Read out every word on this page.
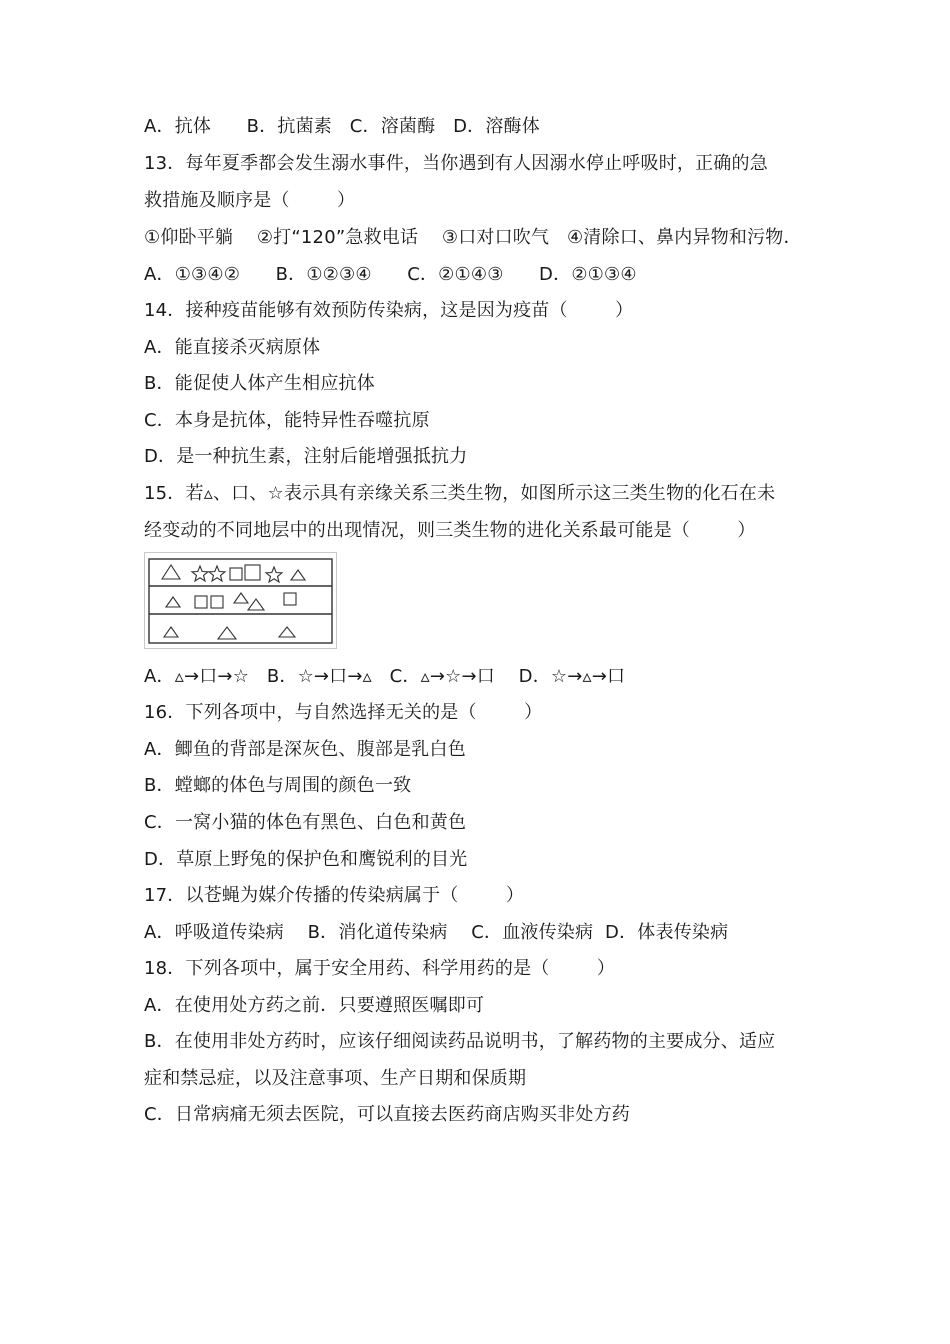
A．抗体      B．抗菌素   C．溶菌酶   D．溶酶体
13．每年夏季都会发生溺水事件，当你遇到有人因溺水停止呼吸时，正确的急
救措施及顺序是（        ）
①仰卧平躺    ②打“120”急救电话    ③口对口吹气   ④清除口、鼻内异物和污物．
A．①③④②      B．①②③④      C．②①④③      D．②①③④
14．接种疫苗能够有效预防传染病，这是因为疫苗（        ）
A．能直接杀灭病原体
B．能促使人体产生相应抗体
C．本身是抗体，能特异性吞噬抗原
D．是一种抗生素，注射后能增强抵抗力
15．若▵、口、☆表示具有亲缘关系三类生物，如图所示这三类生物的化石在未
经变动的不同地层中的出现情况，则三类生物的进化关系最可能是（        ）
A．▵→口→☆   B．☆→口→▵   C．▵→☆→口    D．☆→▵→口
16．下列各项中，与自然选择无关的是（        ）
A．鲫鱼的背部是深灰色、腹部是乳白色
B．螳螂的体色与周围的颜色一致
C．一窝小猫的体色有黑色、白色和黄色
D．草原上野兔的保护色和鹰锐利的目光
17．以苍蝇为媒介传播的传染病属于（        ）
A．呼吸道传染病    B．消化道传染病    C．血液传染病  D．体表传染病
18．下列各项中，属于安全用药、科学用药的是（        ）
A．在使用处方药之前．只要遵照医嘱即可
B．在使用非处方药时，应该仔细阅读药品说明书，了解药物的主要成分、适应
症和禁忌症，以及注意事项、生产日期和保质期
C．日常病痛无须去医院，可以直接去医药商店购买非处方药
